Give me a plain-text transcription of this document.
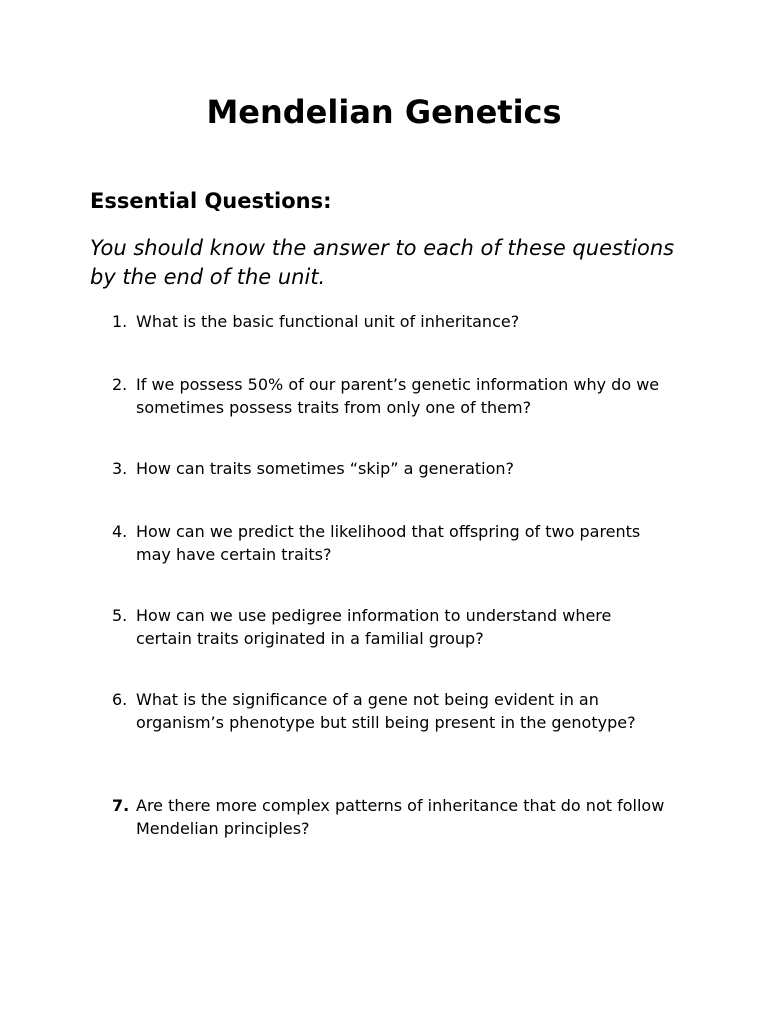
Mendelian Genetics
Essential Questions:

You should know the answer to each of these questions by the end of the unit.

1. What is the basic functional unit of inheritance?
2. If we possess 50% of our parent’s genetic information why do we sometimes possess traits from only one of them?
3. How can traits sometimes “skip” a generation?
4. How can we predict the likelihood that offspring of two parents may have certain traits?
5. How can we use pedigree information to understand where certain traits originated in a familial group?
6. What is the significance of a gene not being evident in an organism’s phenotype but still being present in the genotype?
7. Are there more complex patterns of inheritance that do not follow Mendelian principles?
